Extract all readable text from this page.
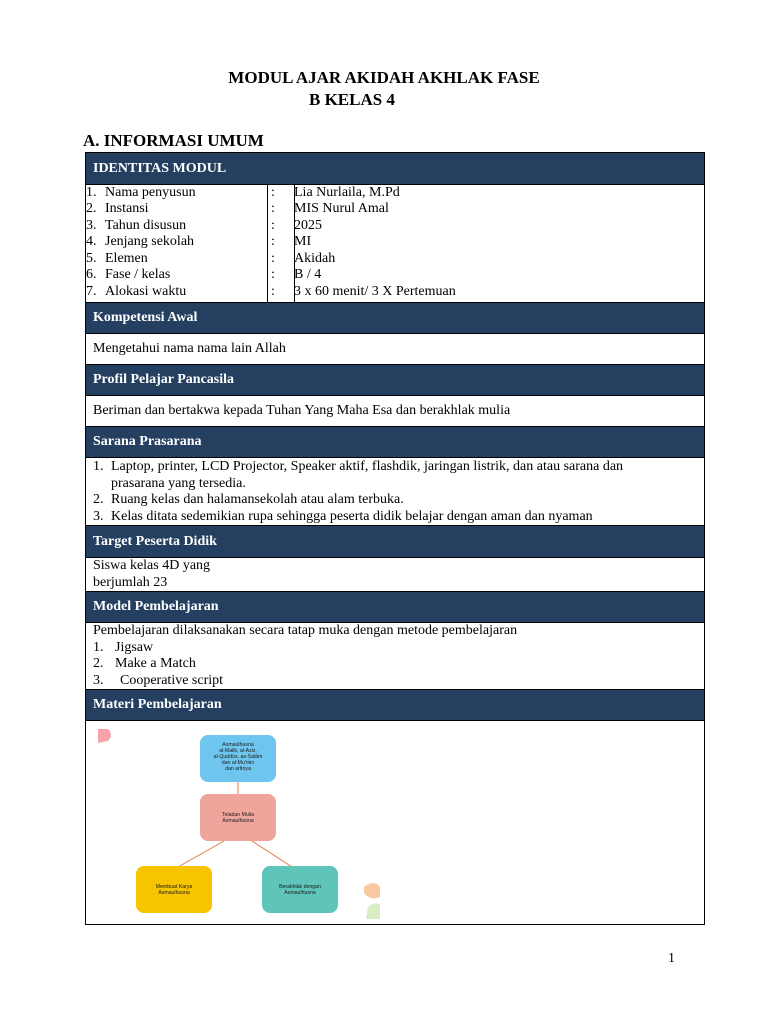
MODUL AJAR AKIDAH AKHLAK FASE
B KELAS 4
A. INFORMASI UMUM
IDENTITAS MODUL
1. Nama penyusun	: Lia Nurlaila, M.Pd
2. Instansi	: MIS Nurul Amal
3. Tahun disusun	: 2025
4. Jenjang sekolah	: MI
5. Elemen	: Akidah
6. Fase / kelas	: B / 4
7. Alokasi waktu	: 3 x 60 menit/ 3 X Pertemuan
Kompetensi Awal
Mengetahui nama nama lain Allah
Profil Pelajar Pancasila
Beriman dan bertakwa kepada Tuhan Yang Maha Esa dan berakhlak mulia
Sarana Prasarana
1. Laptop, printer, LCD Projector, Speaker aktif, flashdik, jaringan listrik, dan atau sarana dan prasarana yang tersedia.
2. Ruang kelas dan halamansekolah atau alam terbuka.
3. Kelas ditata sedemikian rupa sehingga peserta didik belajar dengan aman dan nyaman
Target Peserta Didik
Siswa kelas 4D yang
berjumlah 23
Model Pembelajaran
Pembelajaran dilaksanakan secara tatap muka dengan metode pembelajaran
1. Jigsaw
2. Make a Match
3. Cooperative script
Materi Pembelajaran
Asmaulhusna
al-Malik, al-Aziz,
al-Quddūs, as-Salām
dan al-Mu'min
dan artinya
Teladan Mulia
Asmaulhusna
Membuat Karya
Asmaulhusna
Berakhlak dengan
Asmaulhusna
1
